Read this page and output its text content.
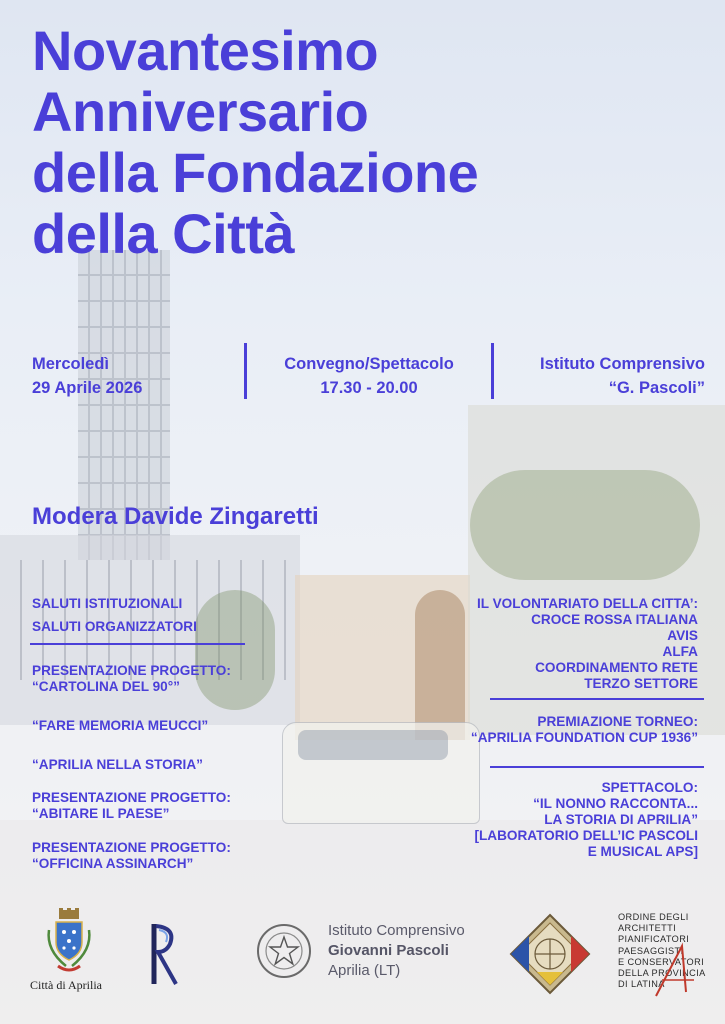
Novantesimo
Anniversario
della Fondazione
della Città
Mercoledì
29 Aprile 2026
Convegno/Spettacolo
17.30 - 20.00
Istituto Comprensivo
“G. Pascoli”
Modera Davide Zingaretti
SALUTI ISTITUZIONALI
SALUTI ORGANIZZATORI
PRESENTAZIONE PROGETTO:
“CARTOLINA DEL 90°”
“FARE MEMORIA MEUCCI”
“APRILIA NELLA STORIA”
PRESENTAZIONE PROGETTO:
“ABITARE IL PAESE”
PRESENTAZIONE PROGETTO:
“OFFICINA ASSINARCH”
IL VOLONTARIATO DELLA CITTA’:
CROCE ROSSA ITALIANA
AVIS
ALFA
COORDINAMENTO RETE
TERZO SETTORE
PREMIAZIONE TORNEO:
“APRILIA FOUNDATION CUP 1936”
SPETTACOLO:
“IL NONNO RACCONTA...
LA STORIA DI APRILIA”
[LABORATORIO DELL’IC PASCOLI
E MUSICAL APS]
Città di Aprilia
Istituto Comprensivo
Giovanni Pascoli
Aprilia (LT)
ORDINE DEGLI
ARCHITETTI
PIANIFICATORI
PAESAGGISTI
E CONSERVATORI
DELLA PROVINCIA
DI LATINA
